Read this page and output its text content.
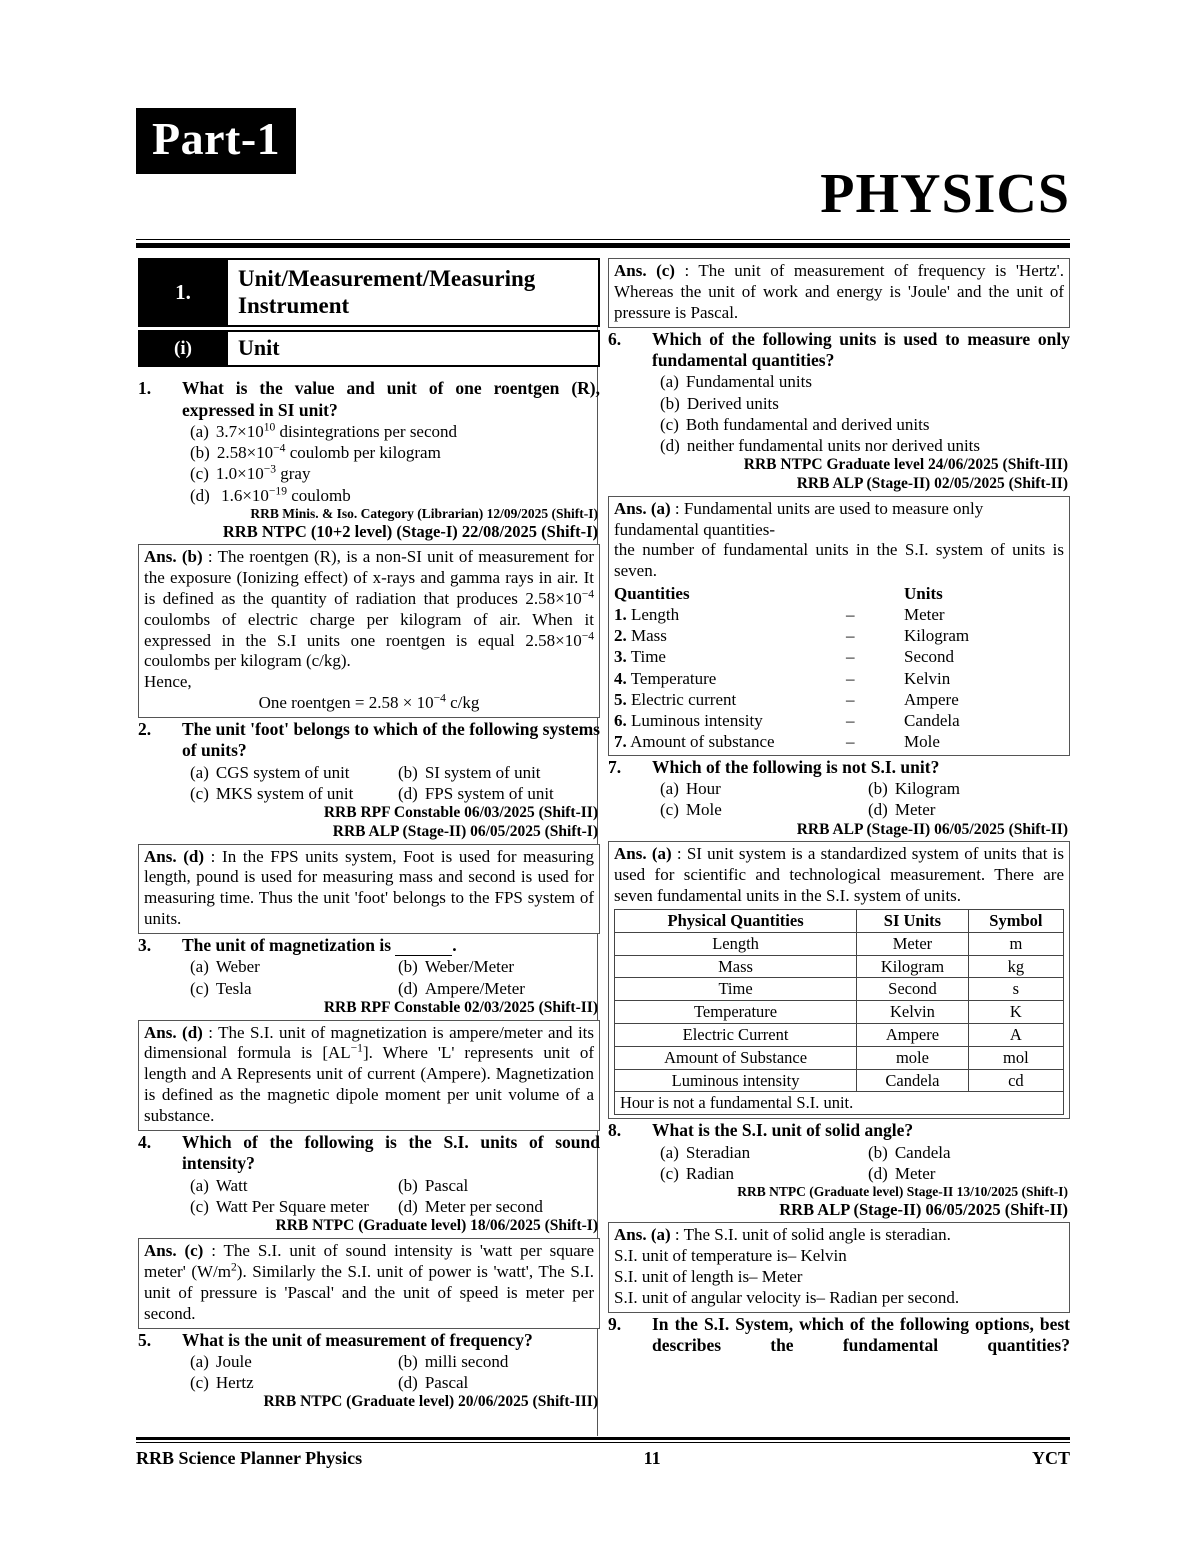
Part-1
PHYSICS
1.
Unit/Measurement/Measuring Instrument
(i)	Unit
1.	What is the value and unit of one roentgen (R), expressed in SI unit?
(a) $3.7\times 10^{10}$ disintegrations per second
(b) $2.58\times 10^{-4}$ coulomb per kilogram
(c) $1.0\times 10^{-3}$ gray
(d) $1.6\times 10^{-19}$ coulomb
RRB Minis. & Iso. Category (Librarian) 12/09/2025 (Shift-I)
RRB NTPC (10+2 level) (Stage-I) 22/08/2025 (Shift-I)
Ans. (b) : The roentgen (R), is a non-SI unit of measurement for the exposure (Ionizing effect) of x-rays and gamma rays in air. It is defined as the quantity of radiation that produces $2.58\times 10^{-4}$ coulombs of electric charge per kilogram of air. When it expressed in the S.I units one roentgen is equal $2.58\times 10^{-4}$ coulombs per kilogram (c/kg).
Hence,
One roentgen = $2.58 \times 10^{-4}$ c/kg
2.	The unit 'foot' belongs to which of the following systems of units?
(a) CGS system of unit	(b) SI system of unit
(c) MKS system of unit	(d) FPS system of unit
RRB RPF Constable 06/03/2025 (Shift-II)
RRB ALP (Stage-II) 06/05/2025 (Shift-I)
Ans. (d) : In the FPS units system, Foot is used for measuring length, pound is used for measuring mass and second is used for measuring time. Thus the unit 'foot' belongs to the FPS system of units.
3.	The unit of magnetization is	.
(a) Weber	(b) Weber/Meter
(c) Tesla	(d) Ampere/Meter
RRB RPF Constable 02/03/2025 (Shift-II)
Ans. (d) : The S.I. unit of magnetization is ampere/meter and its dimensional formula is $[AL^{-1}]$. Where 'L' represents unit of length and A Represents unit of current (Ampere). Magnetization is defined as the magnetic dipole moment per unit volume of a substance.
4.	Which of the following is the S.I. units of sound intensity?
(a) Watt	(b) Pascal
(c) Watt Per Square meter (d) Meter per second
RRB NTPC (Graduate level) 18/06/2025 (Shift-I)
Ans. (c) : The S.I. unit of sound intensity is 'watt per square meter' $(W/m^2)$. Similarly the S.I. unit of power is 'watt', The S.I. unit of pressure is 'Pascal' and the unit of speed is meter per second.
5.	What is the unit of measurement of frequency?
(a) Joule	(b) milli second
(c) Hertz	(d) Pascal
RRB NTPC (Graduate level) 20/06/2025 (Shift-III)
Ans. (c) : The unit of measurement of frequency is 'Hertz'. Whereas the unit of work and energy is 'Joule' and the unit of pressure is Pascal.
6.	Which of the following units is used to measure only fundamental quantities?
(a) Fundamental units
(b) Derived units
(c) Both fundamental and derived units
(d) neither fundamental units nor derived units
RRB NTPC Graduate level 24/06/2025 (Shift-III)
RRB ALP (Stage-II) 02/05/2025 (Shift-II)
Ans. (a) : Fundamental units are used to measure only fundamental quantities-
the number of fundamental units in the S.I. system of units is seven.
Quantities	Units
1. Length	–	Meter
2. Mass	–	Kilogram
3. Time	–	Second
4. Temperature	–	Kelvin
5. Electric current	–	Ampere
6. Luminous intensity	–	Candela
7. Amount of substance	–	Mole
7.	Which of the following is not S.I. unit?
(a) Hour	(b) Kilogram
(c) Mole	(d) Meter
RRB ALP (Stage-II) 06/05/2025 (Shift-II)
Ans. (a) : SI unit system is a standardized system of units that is used for scientific and technological measurement. There are seven fundamental units in the S.I. system of units.
Physical Quantities	SI Units	Symbol
Length	Meter	m
Mass	Kilogram	kg
Time	Second	s
Temperature	Kelvin	K
Electric Current	Ampere	A
Amount of Substance	mole	mol
Luminous intensity	Candela	cd
Hour is not a fundamental S.I. unit.		
8.	What is the S.I. unit of solid angle?
(a) Steradian	(b) Candela
(c) Radian	(d) Meter
RRB NTPC (Graduate level) Stage-II 13/10/2025 (Shift-I)
RRB ALP (Stage-II) 06/05/2025 (Shift-II)
Ans. (a) : The S.I. unit of solid angle is steradian.
S.I. unit of temperature is– Kelvin
S.I. unit of length is– Meter
S.I. unit of angular velocity is– Radian per second.
9.	In the S.I. System, which of the following options, best describes the fundamental quantities?
RRB Science Planner Physics	11	YCT
